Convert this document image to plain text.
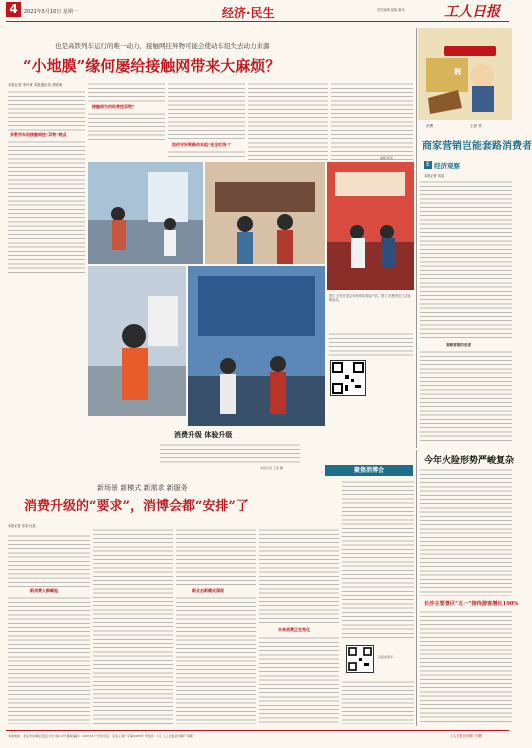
4	2021年5月10日 星期一	经济·民生	责任编辑 郝凯 谢伟	工人日报
也是高铁列车运行的唯一动力，接触网挂异物可能会使动车组失去动力来源
“小地膜”缘何屡给接触网带来大麻烦？
本报记者 李丹青 本报通讯员 刘锐璋
多数列车因接触网挂“异物”晚点
接触网为何经常挂异物？
如何守好铁路动车组“安全红线”？
编辑 陈某
润
消费	王铁 作
商家营销岂能套路消费者
E 经济观察
本报记者 刘某
套路营销的危害
图① 市民在展会现场体验智能产品。图② 消费者在门店选购商品。
消费升级 体验升级
本报记者 王某 摄	聚焦消博会
新场景 新模式 新需求 新服务
消费升级的“要求”，消博会都“安排”了
本报记者 邹某 杜某
新消费人群崛起	新业态新模式涌现
未来消费正在变化
扫码看更多
今年火险形势严峻复杂
长沙主要景区“五一”接待游客增长190%
本报地址：北京市东城区安定门外大街12号 邮政编码：100718 广告许可证：京东工商广字第0085号 零售价：1元 工人日报社印刷厂印刷	工人日报社印刷厂印刷
